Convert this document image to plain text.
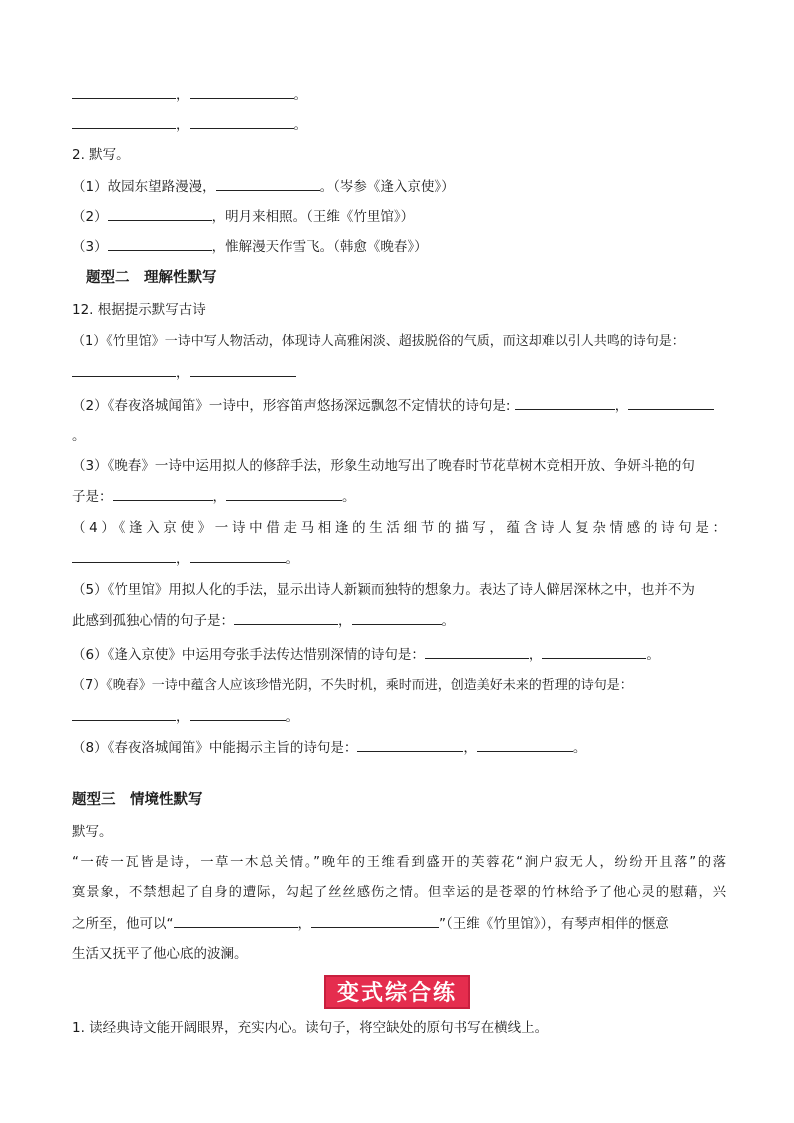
，	。
，	。
2. 默写。
（1）故园东望路漫漫，	。（岑参《逢入京使》）
（2）	，明月来相照。（王维《竹里馆》）
（3）	，惟解漫天作雪飞。（韩愈《晚春》）
题型二　理解性默写
12. 根据提示默写古诗
（1）《竹里馆》一诗中写人物活动，体现诗人高雅闲淡、超拔脱俗的气质，而这却难以引人共鸣的诗句是：
，
（2）《春夜洛城闻笛》一诗中，形容笛声悠扬深远飘忽不定情状的诗句是:	，
。
（3）《晚春》一诗中运用拟人的修辞手法，形象生动地写出了晚春时节花草树木竞相开放、争妍斗艳的句
子是：	，	。
（4）《逢入京使》一诗中借走马相逢的生活细节的描写，蕴含诗人复杂情感的诗句是：
，	。
（5）《竹里馆》用拟人化的手法，显示出诗人新颖而独特的想象力。表达了诗人僻居深林之中，也并不为
此感到孤独心情的句子是：	，	。
（6）《逢入京使》中运用夸张手法传达惜别深情的诗句是：	，	。
（7）《晚春》一诗中蕴含人应该珍惜光阴，不失时机，乘时而进，创造美好未来的哲理的诗句是：
，	。
（8）《春夜洛城闻笛》中能揭示主旨的诗句是：	，	。
题型三　情境性默写
默写。
“一砖一瓦皆是诗，一草一木总关情。”晚年的王维看到盛开的芙蓉花“涧户寂无人，纷纷开且落”的落
寞景象，不禁想起了自身的遭际，勾起了丝丝感伤之情。但幸运的是苍翠的竹林给予了他心灵的慰藉，兴
之所至，他可以“	，	”（王维《竹里馆》），有琴声相伴的惬意
生活又抚平了他心底的波澜。
变式综合练
1. 读经典诗文能开阔眼界，充实内心。读句子，将空缺处的原句书写在横线上。
